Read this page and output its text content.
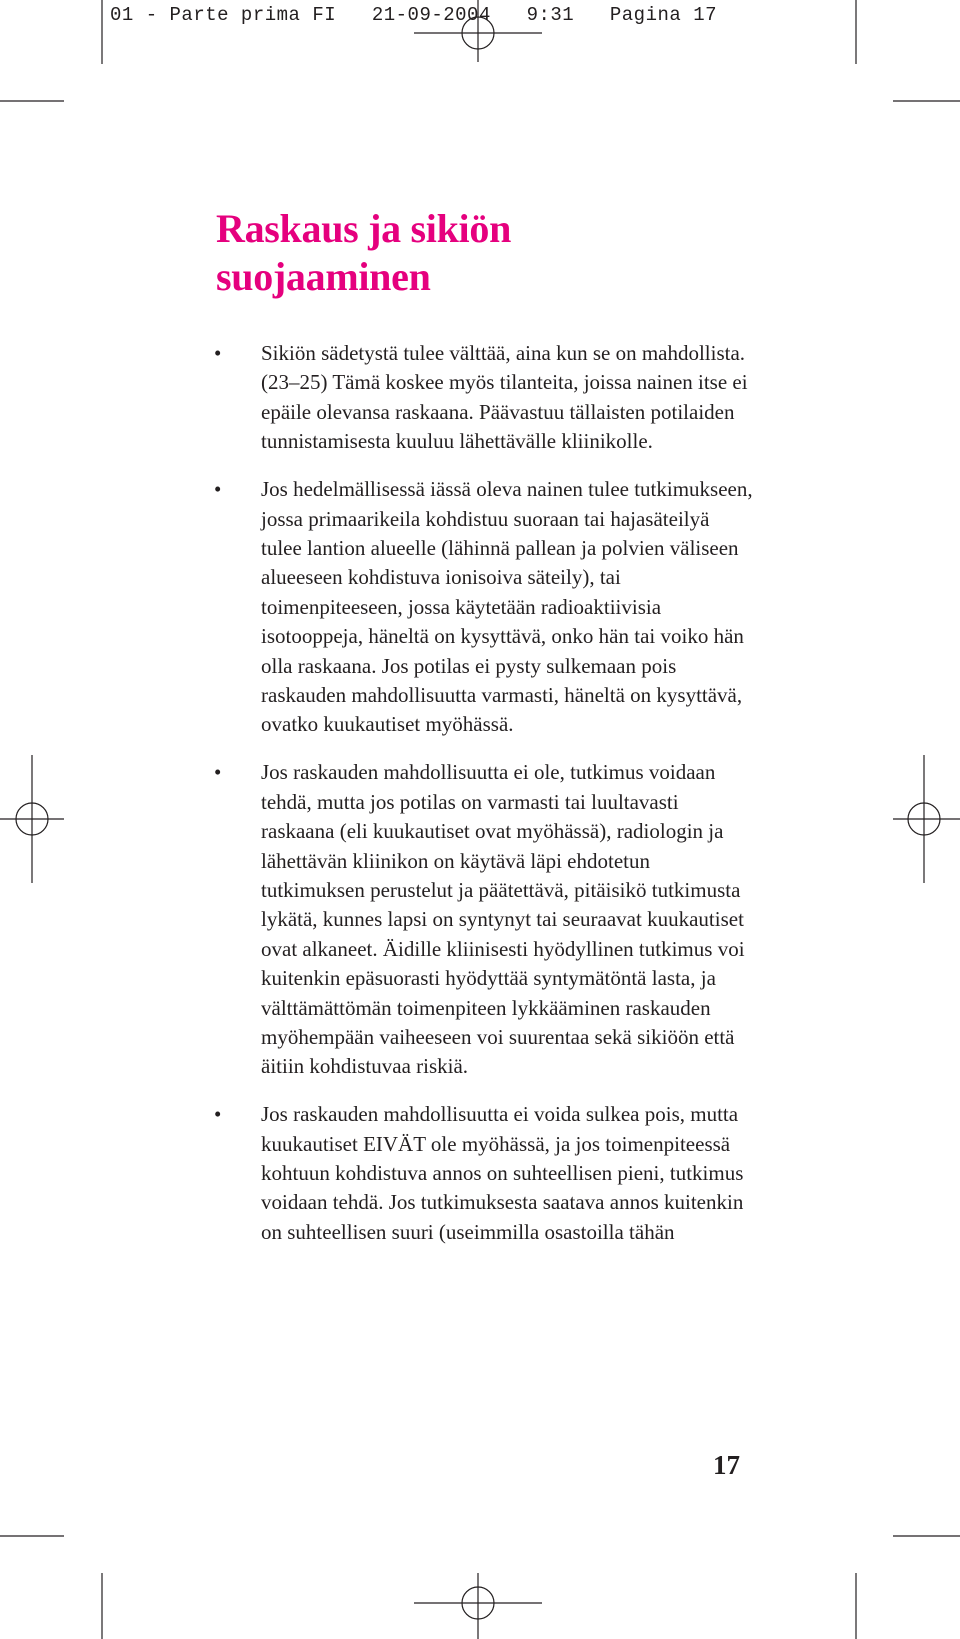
01 - Parte prima FI   21-09-2004   9:31   Pagina 17

Raskaus ja sikiön
suojaaminen
• Sikiön sädetystä tulee välttää, aina kun se on mahdollista. (23–25) Tämä koskee myös tilanteita, joissa nainen itse ei epäile olevansa raskaana. Päävastuu tällaisten potilaiden tunnistamisesta kuuluu lähettävälle kliinikolle.
• Jos hedelmällisessä iässä oleva nainen tulee tutkimukseen, jossa primaarikeila kohdistuu suoraan tai hajasäteilyä tulee lantion alueelle (lähinnä pallean ja polvien väliseen alueeseen kohdistuva ionisoiva säteily), tai toimenpiteeseen, jossa käytetään radioaktiivisia isotooppeja, häneltä on kysyttävä, onko hän tai voiko hän olla raskaana. Jos potilas ei pysty sulkemaan pois raskauden mahdollisuutta varmasti, häneltä on kysyttävä, ovatko kuukautiset myöhässä.
• Jos raskauden mahdollisuutta ei ole, tutkimus voidaan tehdä, mutta jos potilas on varmasti tai luultavasti raskaana (eli kuukautiset ovat myöhässä), radiologin ja lähettävän kliinikon on käytävä läpi ehdotetun tutkimuksen perustelut ja päätettävä, pitäisikö tutkimusta lykätä, kunnes lapsi on syntynyt tai seuraavat kuukautiset ovat alkaneet. Äidille kliinisesti hyödyllinen tutkimus voi kuitenkin epäsuorasti hyödyttää syntymätöntä lasta, ja välttämättömän toimenpiteen lykkääminen raskauden myöhempään vaiheeseen voi suurentaa sekä sikiöön että äitiin kohdistuvaa riskiä.
• Jos raskauden mahdollisuutta ei voida sulkea pois, mutta kuukautiset EIVÄT ole myöhässä, ja jos toimenpiteessä kohtuun kohdistuva annos on suhteellisen pieni, tutkimus voidaan tehdä. Jos tutkimuksesta saatava annos kuitenkin on suhteellisen suuri (useimmilla osastoilla tähän

17
